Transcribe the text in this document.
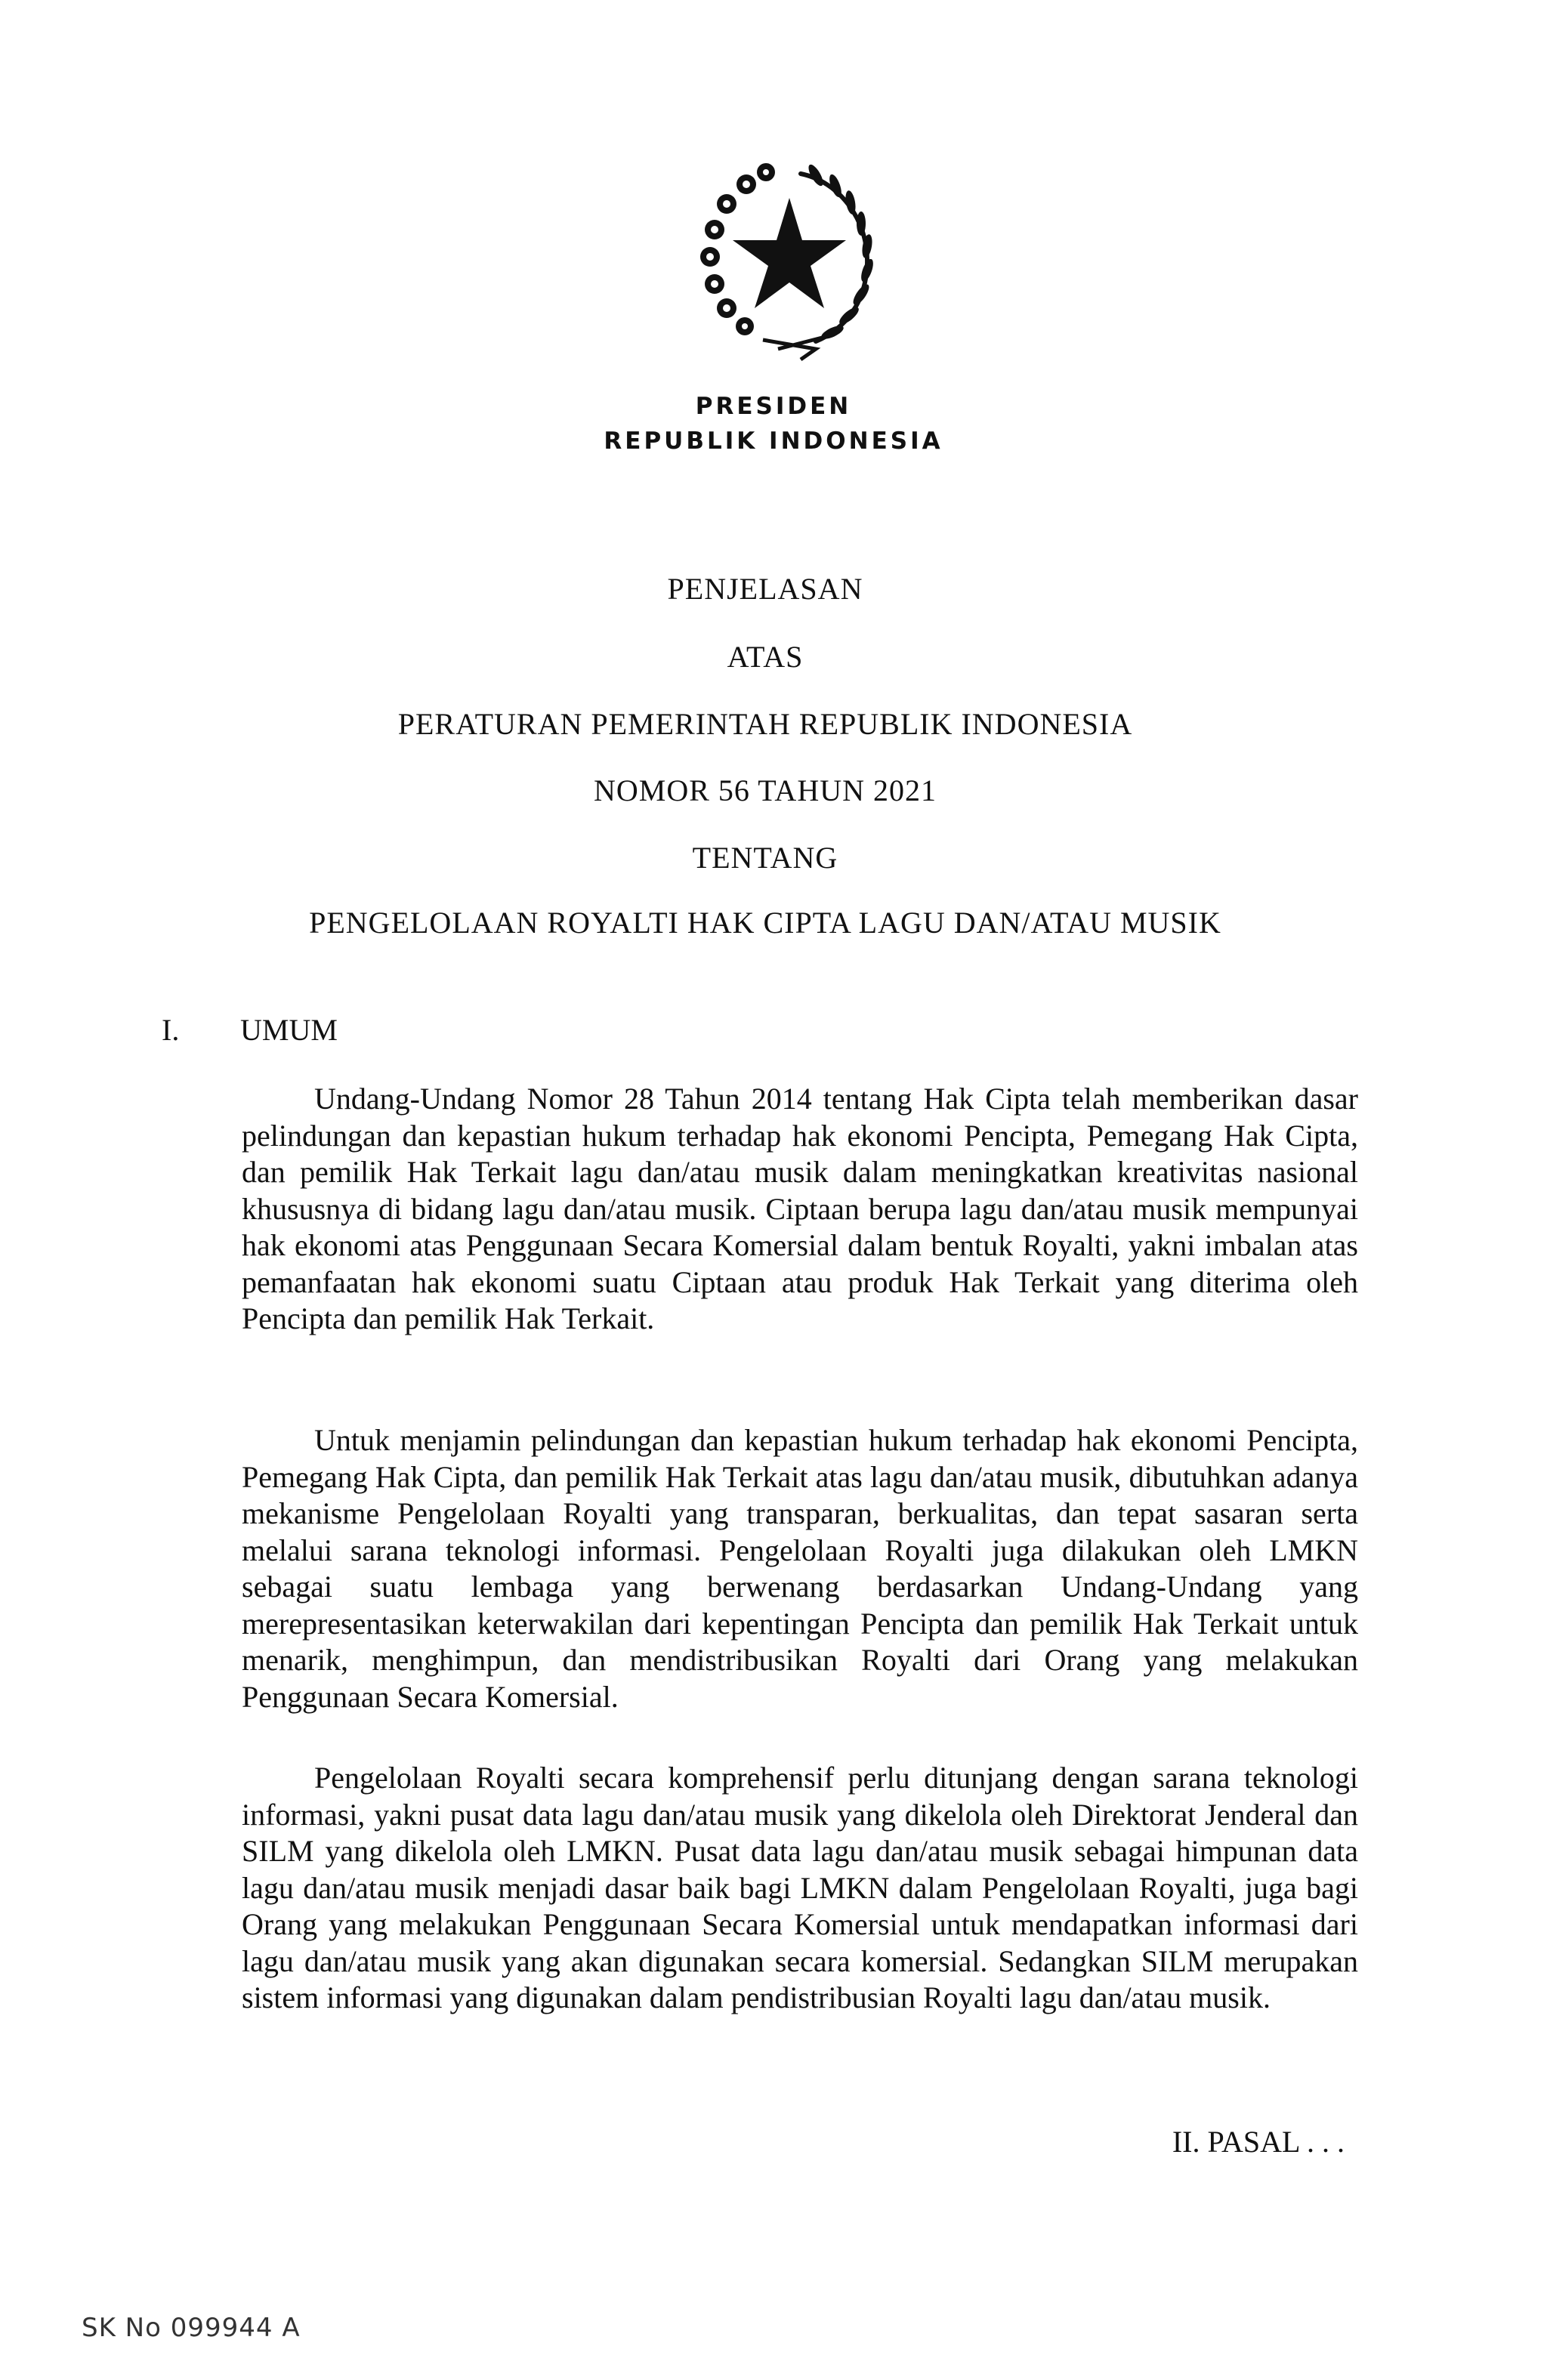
PRESIDEN
REPUBLIK INDONESIA
PENJELASAN
ATAS
PERATURAN PEMERINTAH REPUBLIK INDONESIA
NOMOR 56 TAHUN 2021
TENTANG
PENGELOLAAN ROYALTI HAK CIPTA LAGU DAN/ATAU MUSIK
I. UMUM

Undang-Undang Nomor 28 Tahun 2014 tentang Hak Cipta telah memberikan dasar pelindungan dan kepastian hukum terhadap hak ekonomi Pencipta, Pemegang Hak Cipta, dan pemilik Hak Terkait lagu dan/atau musik dalam meningkatkan kreativitas nasional khususnya di bidang lagu dan/atau musik. Ciptaan berupa lagu dan/atau musik mempunyai hak ekonomi atas Penggunaan Secara Komersial dalam bentuk Royalti, yakni imbalan atas pemanfaatan hak ekonomi suatu Ciptaan atau produk Hak Terkait yang diterima oleh Pencipta dan pemilik Hak Terkait.

Untuk menjamin pelindungan dan kepastian hukum terhadap hak ekonomi Pencipta, Pemegang Hak Cipta, dan pemilik Hak Terkait atas lagu dan/atau musik, dibutuhkan adanya mekanisme Pengelolaan Royalti yang transparan, berkualitas, dan tepat sasaran serta melalui sarana teknologi informasi. Pengelolaan Royalti juga dilakukan oleh LMKN sebagai suatu lembaga yang berwenang berdasarkan Undang-Undang yang merepresentasikan keterwakilan dari kepentingan Pencipta dan pemilik Hak Terkait untuk menarik, menghimpun, dan mendistribusikan Royalti dari Orang yang melakukan Penggunaan Secara Komersial.

Pengelolaan Royalti secara komprehensif perlu ditunjang dengan sarana teknologi informasi, yakni pusat data lagu dan/atau musik yang dikelola oleh Direktorat Jenderal dan SILM yang dikelola oleh LMKN. Pusat data lagu dan/atau musik sebagai himpunan data lagu dan/atau musik menjadi dasar baik bagi LMKN dalam Pengelolaan Royalti, juga bagi Orang yang melakukan Penggunaan Secara Komersial untuk mendapatkan informasi dari lagu dan/atau musik yang akan digunakan secara komersial. Sedangkan SILM merupakan sistem informasi yang digunakan dalam pendistribusian Royalti lagu dan/atau musik.

II. PASAL . . .
SK No 099944 A
